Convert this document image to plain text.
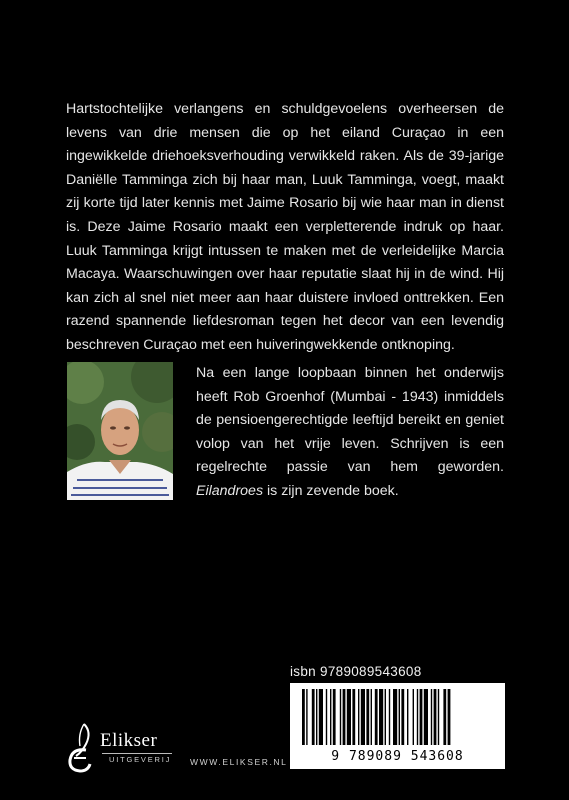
Hartstochtelijke verlangens en schuldgevoelens overheersen de levens van drie mensen die op het eiland Curaçao in een ingewikkelde driehoeksverhouding verwikkeld raken. Als de 39-jarige Daniëlle Tamminga zich bij haar man, Luuk Tamminga, voegt, maakt zij korte tijd later kennis met Jaime Rosario bij wie haar man in dienst is. Deze Jaime Rosario maakt een verpletterende indruk op haar. Luuk Tamminga krijgt intussen te maken met de verleidelijke Marcia Macaya. Waarschuwingen over haar reputatie slaat hij in de wind. Hij kan zich al snel niet meer aan haar duistere invloed onttrekken. Een razend spannende liefdesroman tegen het decor van een levendig beschreven Curaçao met een huiveringwekkende ontknoping.

Na een lange loopbaan binnen het onderwijs heeft Rob Groenhof (Mumbai - 1943) inmiddels de pensioengerechtigde leeftijd bereikt en geniet volop van het vrije leven. Schrijven is een regelrechte passie van hem geworden. Eilandroes is zijn zevende boek.

isbn 9789089543608
9 789089 543608
Elikser
UITGEVERIJ WWW.ELIKSER.NL
